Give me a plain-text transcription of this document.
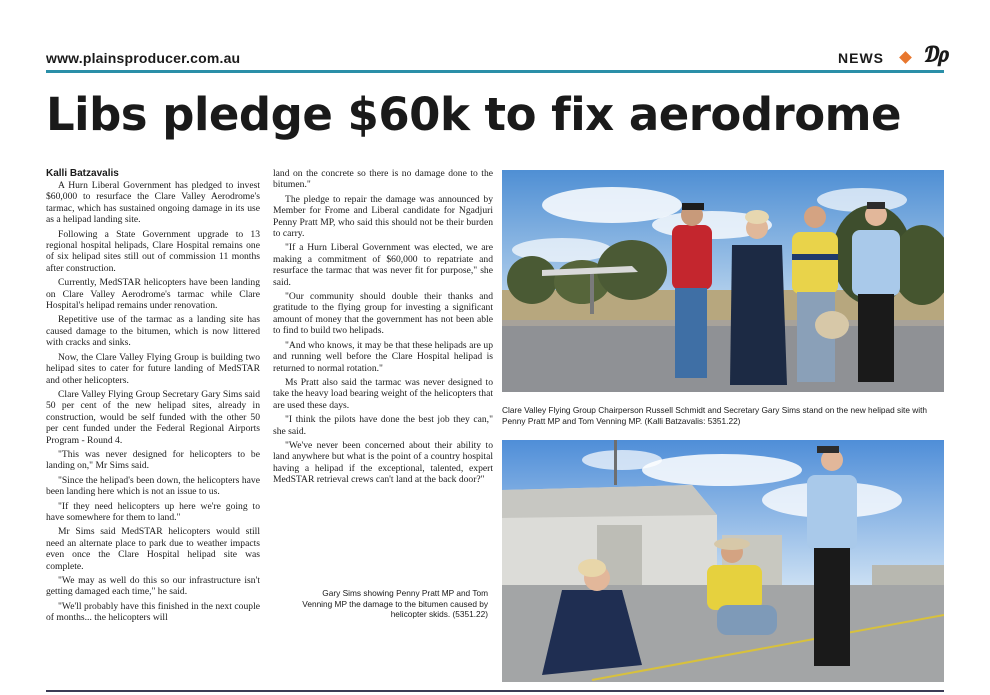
www.plainsproducer.com.au	NEWS ₯
Libs pledge $60k to fix aerodrome
Kalli Batzavalis

A Hurn Liberal Government has pledged to invest $60,000 to resurface the Clare Valley Aerodrome's tarmac, which has sustained ongoing damage in its use as a helipad landing site.

Following a State Government upgrade to 13 regional hospital helipads, Clare Hospital remains one of six helipad sites still out of commission 11 months after construction.

Currently, MedSTAR helicopters have been landing on Clare Valley Aerodrome's tarmac while Clare Hospital's helipad remains under renovation.

Repetitive use of the tarmac as a landing site has caused damage to the bitumen, which is now littered with cracks and sinks.

Now, the Clare Valley Flying Group is building two helipad sites to cater for future landing of MedSTAR and other helicopters.

Clare Valley Flying Group Secretary Gary Sims said 50 per cent of the new helipad sites, already in construction, would be self funded with the other 50 per cent funded under the Federal Regional Airports Program - Round 4.

"This was never designed for helicopters to be landing on," Mr Sims said.

"Since the helipad's been down, the helicopters have been landing here which is not an issue to us.

"If they need helicopters up here we're going to have somewhere for them to land."

Mr Sims said MedSTAR helicopters would still need an alternate place to park due to weather impacts even once the Clare Hospital helipad site was complete.

"We may as well do this so our infrastructure isn't getting damaged each time," he said.

"We'll probably have this finished in the next couple of months... the helicopters will

land on the concrete so there is no damage done to the bitumen."

The pledge to repair the damage was announced by Member for Frome and Liberal candidate for Ngadjuri Penny Pratt MP, who said this should not be their burden to carry.

"If a Hurn Liberal Government was elected, we are making a commitment of $60,000 to repatriate and resurface the tarmac that was never fit for purpose," she said.

"Our community should double their thanks and gratitude to the flying group for investing a significant amount of money that the government has not been able to find to build two helipads.

"And who knows, it may be that these helipads are up and running well before the Clare Hospital helipad is returned to normal rotation."

Ms Pratt also said the tarmac was never designed to take the heavy load bearing weight of the helicopters that are used these days.

"I think the pilots have done the best job they can," she said.

"We've never been concerned about their ability to land anywhere but what is the point of a country hospital having a helipad if the exceptional, talented, expert MedSTAR retrieval crews can't land at the back door?"

Clare Valley Flying Group Chairperson Russell Schmidt and Secretary Gary Sims stand on the new helipad site with Penny Pratt MP and Tom Venning MP. (Kalli Batzavalis: 5351.22)
Gary Sims showing Penny Pratt MP and Tom Venning MP the damage to the bitumen caused by helicopter skids. (5351.22)
